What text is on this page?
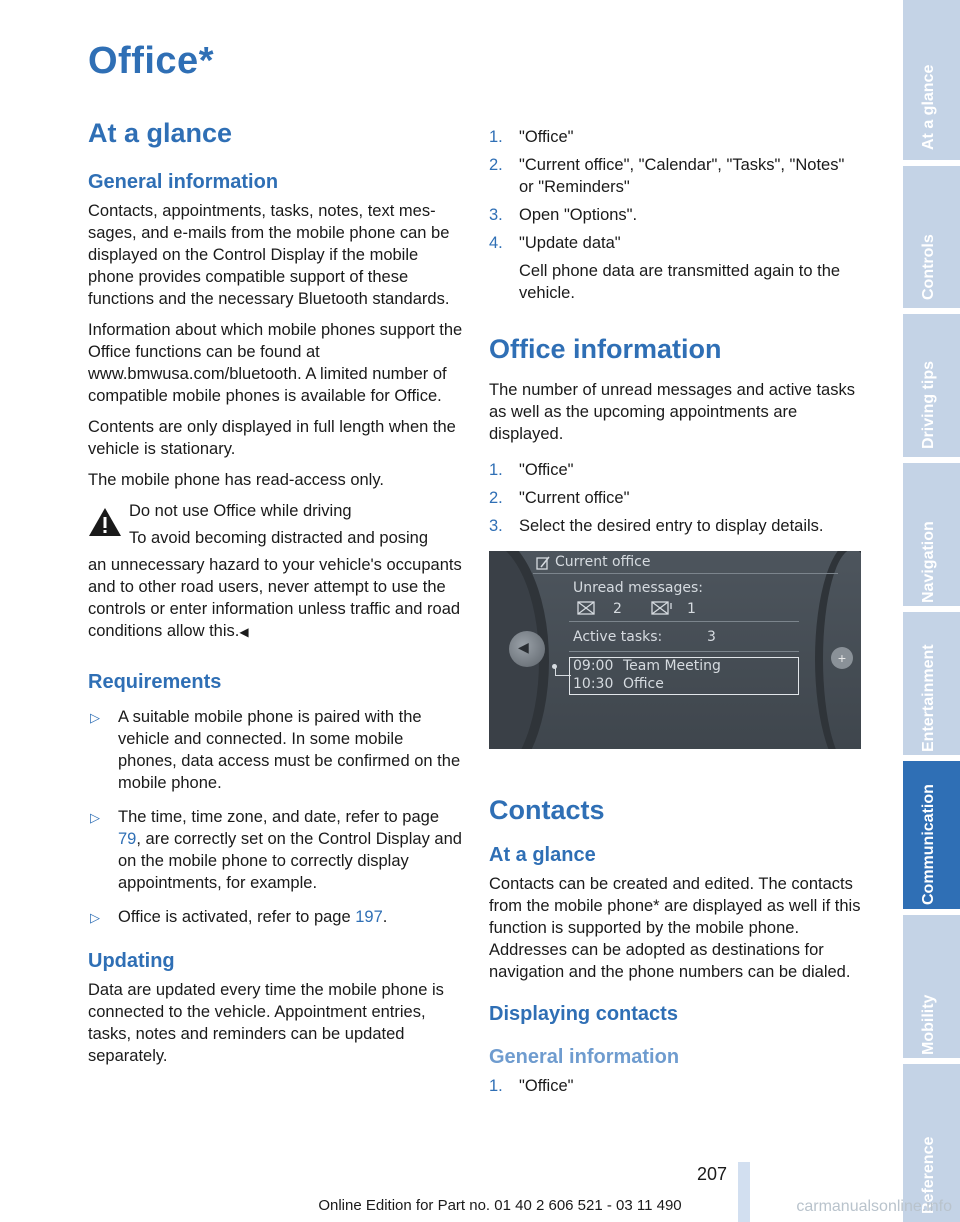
Office*
At a glance
General information

Contacts, appointments, tasks, notes, text messages, and e-mails from the mobile phone can be displayed on the Control Display if the mobile phone provides compatible support of these functions and the necessary Bluetooth standards.

Information about which mobile phones support the Office functions can be found at www.bmwusa.com/bluetooth. A limited number of compatible mobile phones is available for Office.

Contents are only displayed in full length when the vehicle is stationary.

The mobile phone has read-access only.

Do not use Office while driving
To avoid becoming distracted and posing

an unnecessary hazard to your vehicle's occupants and to other road users, never attempt to use the controls or enter information unless traffic and road conditions allow this.◀

Requirements
▷ A suitable mobile phone is paired with the vehicle and connected. In some mobile phones, data access must be confirmed on the mobile phone.
▷ The time, time zone, and date, refer to page 79, are correctly set on the Control Display and on the mobile phone to correctly display appointments, for example.
▷ Office is activated, refer to page 197.
Updating

Data are updated every time the mobile phone is connected to the vehicle. Appointment entries, tasks, notes and reminders can be updated separately.

1. "Office"
2. "Current office", "Calendar", "Tasks", "Notes" or "Reminders"
3. Open "Options".
4. "Update data"
Cell phone data are transmitted again to the vehicle.
Office information

The number of unread messages and active tasks as well as the upcoming appointments are displayed.

1. "Office"
2. "Current office"
3. Select the desired entry to display details.
◀
+
Current office
Unread messages:
2	1
Active tasks:	3
09:00 Team Meeting
10:30 Office
Contacts
At a glance

Contacts can be created and edited. The contacts from the mobile phone* are displayed as well if this function is supported by the mobile phone. Addresses can be adopted as destinations for navigation and the phone numbers can be dialed.

Displaying contacts
General information
1. "Office"
At a glance
Controls
Driving tips
Navigation
Entertainment
Communication
Mobility
Reference
207
Online Edition for Part no. 01 40 2 606 521 - 03 11 490	carmanualsonline.info
